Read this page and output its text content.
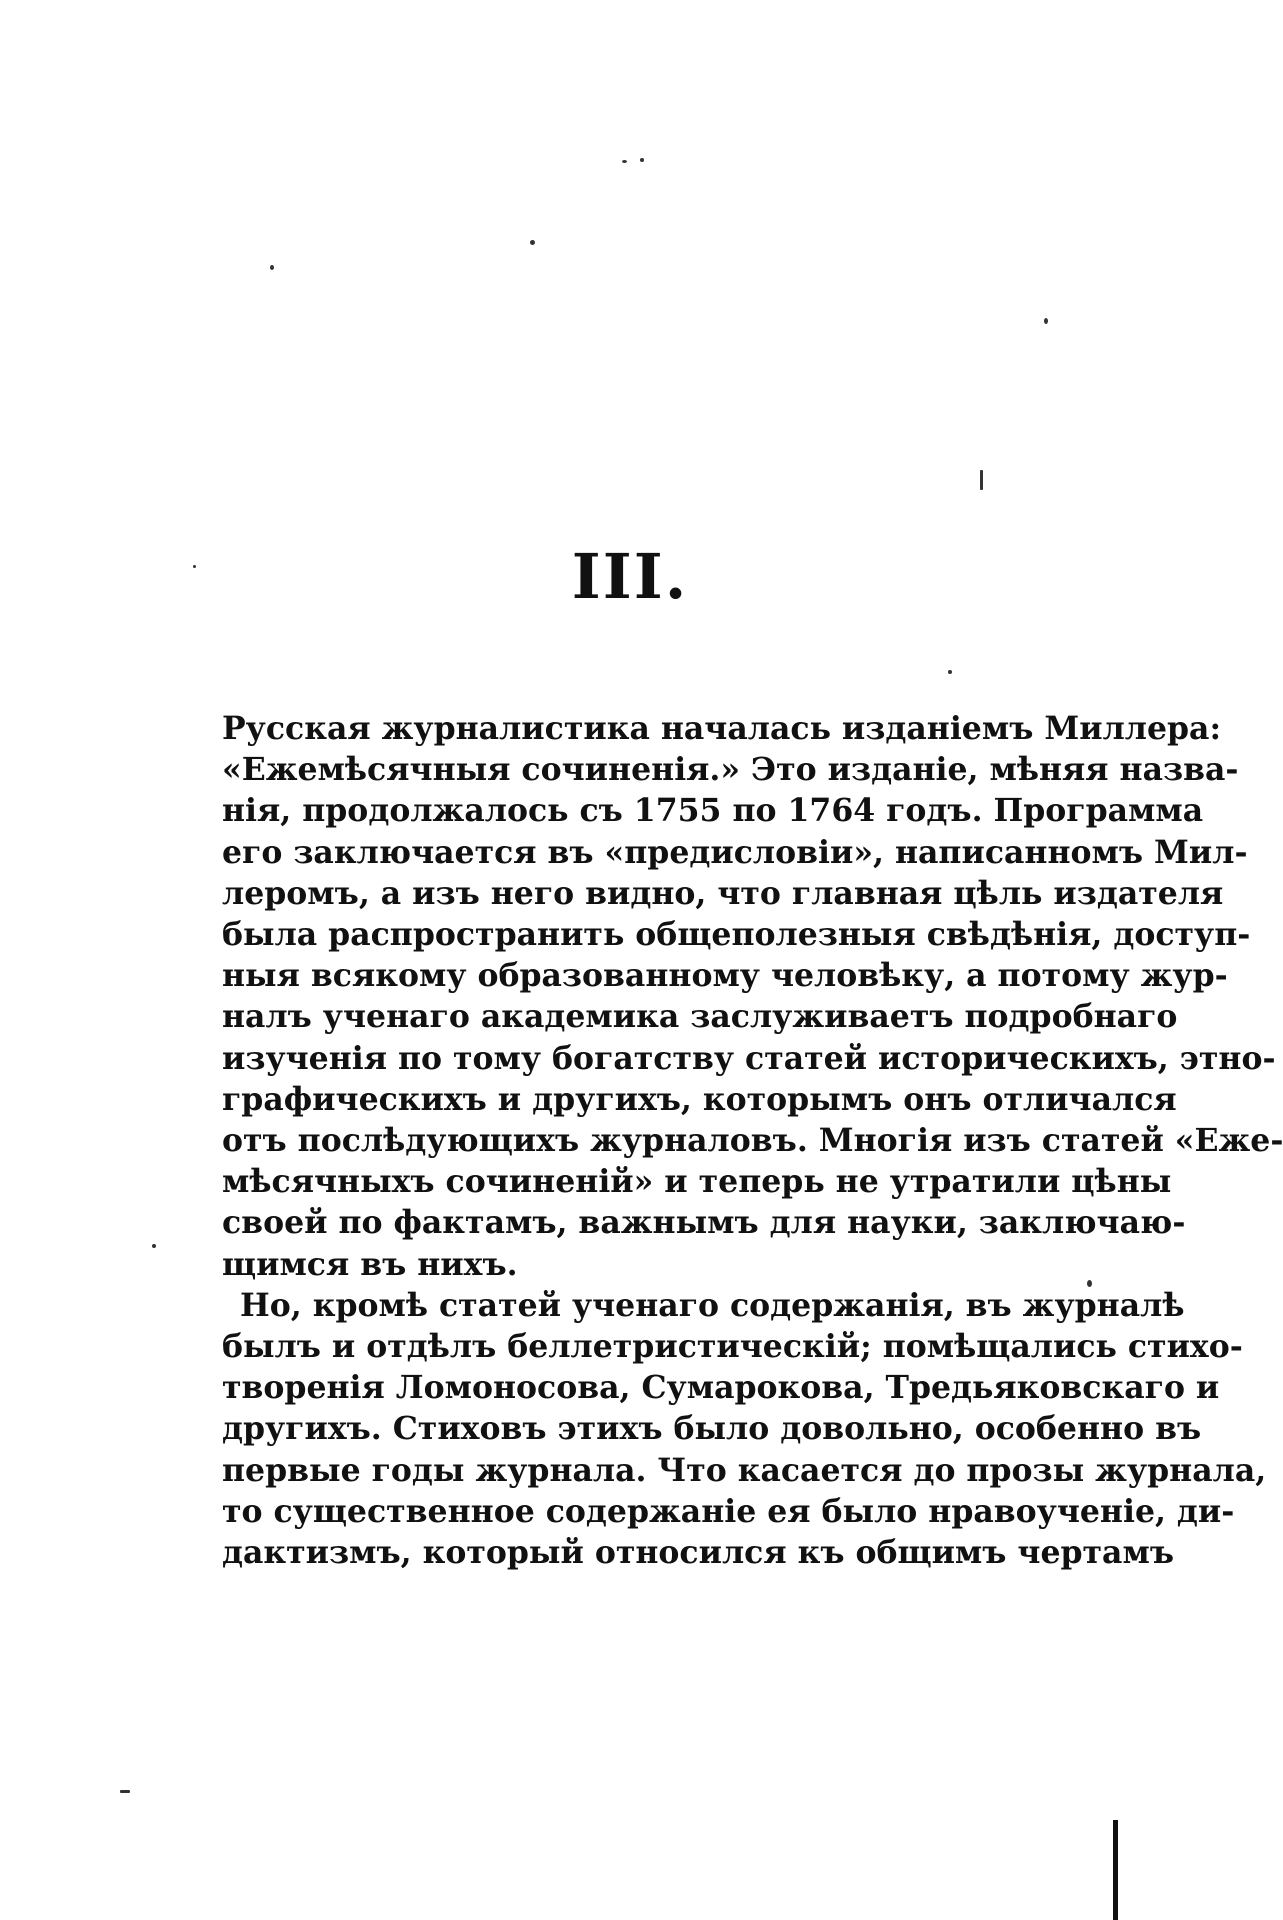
III.
Русская журналистика началась изданіемъ Миллера:
«Ежемѣсячныя сочиненія.» Это изданіе, мѣняя назва-
нія, продолжалось съ 1755 по 1764 годъ. Программа
его заключается въ «предисловіи», написанномъ Мил-
леромъ, а изъ него видно, что главная цѣль издателя
была распространить общеполезныя свѣдѣнія, доступ-
ныя всякому образованному человѣку, а потому жур-
налъ ученаго академика заслуживаетъ подробнаго
изученія по тому богатству статей историческихъ, этно-
графическихъ и другихъ, которымъ онъ отличался
отъ послѣдующихъ журналовъ. Многія изъ статей «Еже-
мѣсячныхъ сочиненій» и теперь не утратили цѣны
своей по фактамъ, важнымъ для науки, заключаю-
щимся въ нихъ.
Но, кромѣ статей ученаго содержанія, въ журналѣ
былъ и отдѣлъ беллетристическій; помѣщались стихо-
творенія Ломоносова, Сумарокова, Тредьяковскаго и
другихъ. Стиховъ этихъ было довольно, особенно въ
первые годы журнала. Что касается до прозы журнала,
то существенное содержаніе ея было нравоученіе, ди-
дактизмъ, который относился къ общимъ чертамъ
